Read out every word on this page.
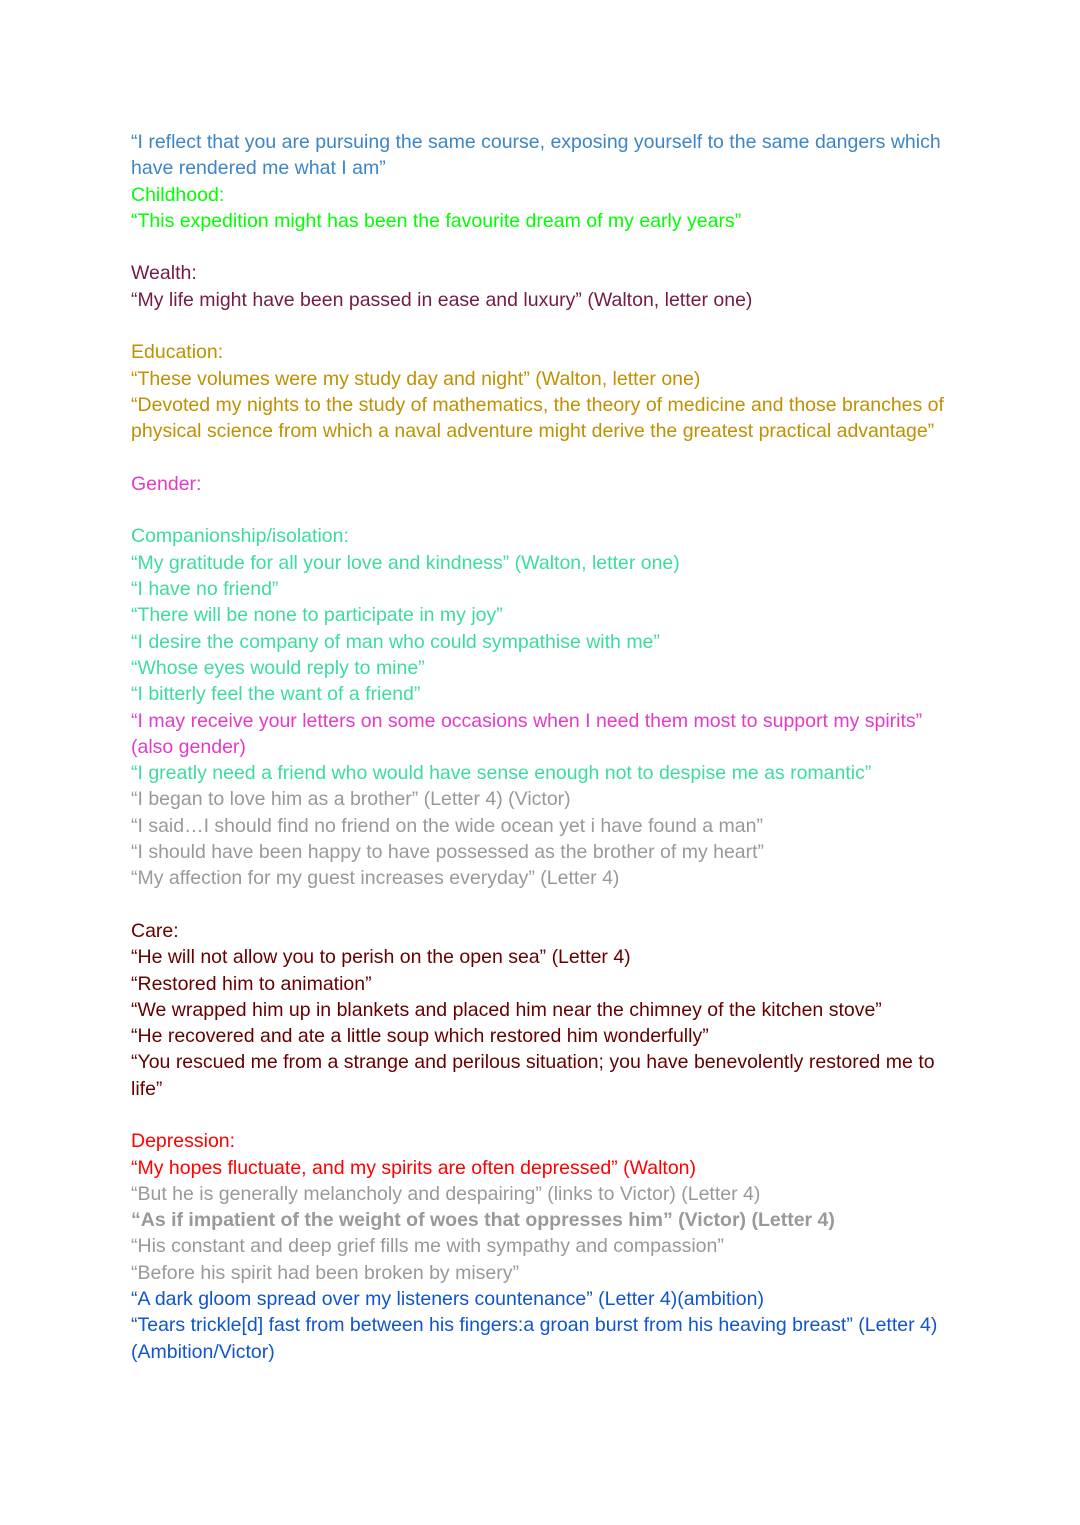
“I reflect that you are pursuing the same course, exposing yourself to the same dangers which have rendered me what I am”

Childhood:

“This expedition might has been the favourite dream of my early years”

Wealth:

“My life might have been passed in ease and luxury” (Walton, letter one)

Education:

“These volumes were my study day and night” (Walton, letter one)

“Devoted my nights to the study of mathematics, the theory of medicine and those branches of physical science from which a naval adventure might derive the greatest practical advantage”

Gender:

Companionship/isolation:

“My gratitude for all your love and kindness” (Walton, letter one)

“I have no friend”

“There will be none to participate in my joy”

“I desire the company of man who could sympathise with me”

“Whose eyes would reply to mine”

“I bitterly feel the want of a friend”

“I may receive your letters on some occasions when I need them most to support my spirits” (also gender)

“I greatly need a friend who would have sense enough not to despise me as romantic”

“I began to love him as a brother” (Letter 4) (Victor)

“I said…I should find no friend on the wide ocean yet i have found a man”

“I should have been happy to have possessed as the brother of my heart”

“My affection for my guest increases everyday” (Letter 4)

Care:

“He will not allow you to perish on the open sea” (Letter 4)

“Restored him to animation”

“We wrapped him up in blankets and placed him near the chimney of the kitchen stove”

“He recovered and ate a little soup which restored him wonderfully”

“You rescued me from a strange and perilous situation; you have benevolently restored me to life”

Depression:

“My hopes fluctuate, and my spirits are often depressed” (Walton)

“But he is generally melancholy and despairing” (links to Victor) (Letter 4)

“As if impatient of the weight of woes that oppresses him” (Victor) (Letter 4)

“His constant and deep grief fills me with sympathy and compassion”

“Before his spirit had been broken by misery”

“A dark gloom spread over my listeners countenance” (Letter 4)(ambition)

“Tears trickle[d] fast from between his fingers:a groan burst from his heaving breast” (Letter 4) (Ambition/Victor)
